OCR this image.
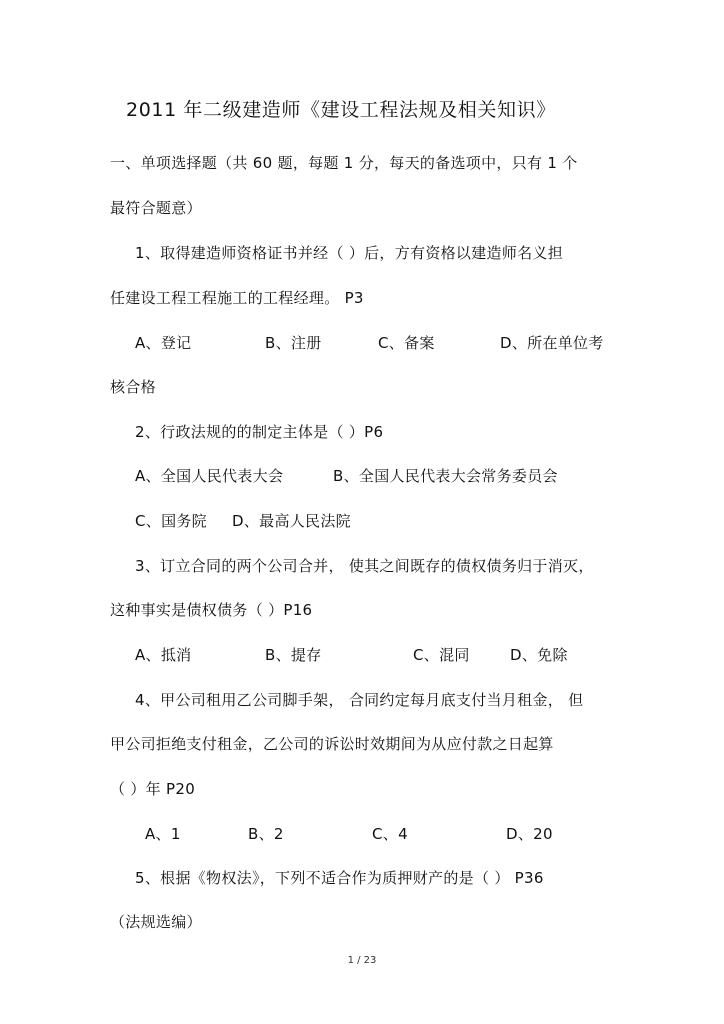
2011 年二级建造师《建设工程法规及相关知识》
一、单项选择题（共 60 题，每题 1 分，每天的备选项中，只有 1 个
最符合题意）
1、取得建造师资格证书并经（ ）后，方有资格以建造师名义担
任建设工程工程施工的工程经理。 P3
A、登记	B、注册	C、备案	D、所在单位考
核合格
2、行政法规的的制定主体是（ ）P6
A、全国人民代表大会	B、全国人民代表大会常务委员会
C、国务院 D、最高人民法院
3、订立合同的两个公司合并， 使其之间既存的债权债务归于消灭，
这种事实是债权债务（ ）P16
A、抵消	B、提存	C、混同	D、免除
4、甲公司租用乙公司脚手架， 合同约定每月底支付当月租金， 但
甲公司拒绝支付租金，乙公司的诉讼时效期间为从应付款之日起算
（ ）年 P20
A、1	B、2	C、4	D、20
5、根据《物权法》，下列不适合作为质押财产的是（ ） P36
（法规选编）
1 / 23
